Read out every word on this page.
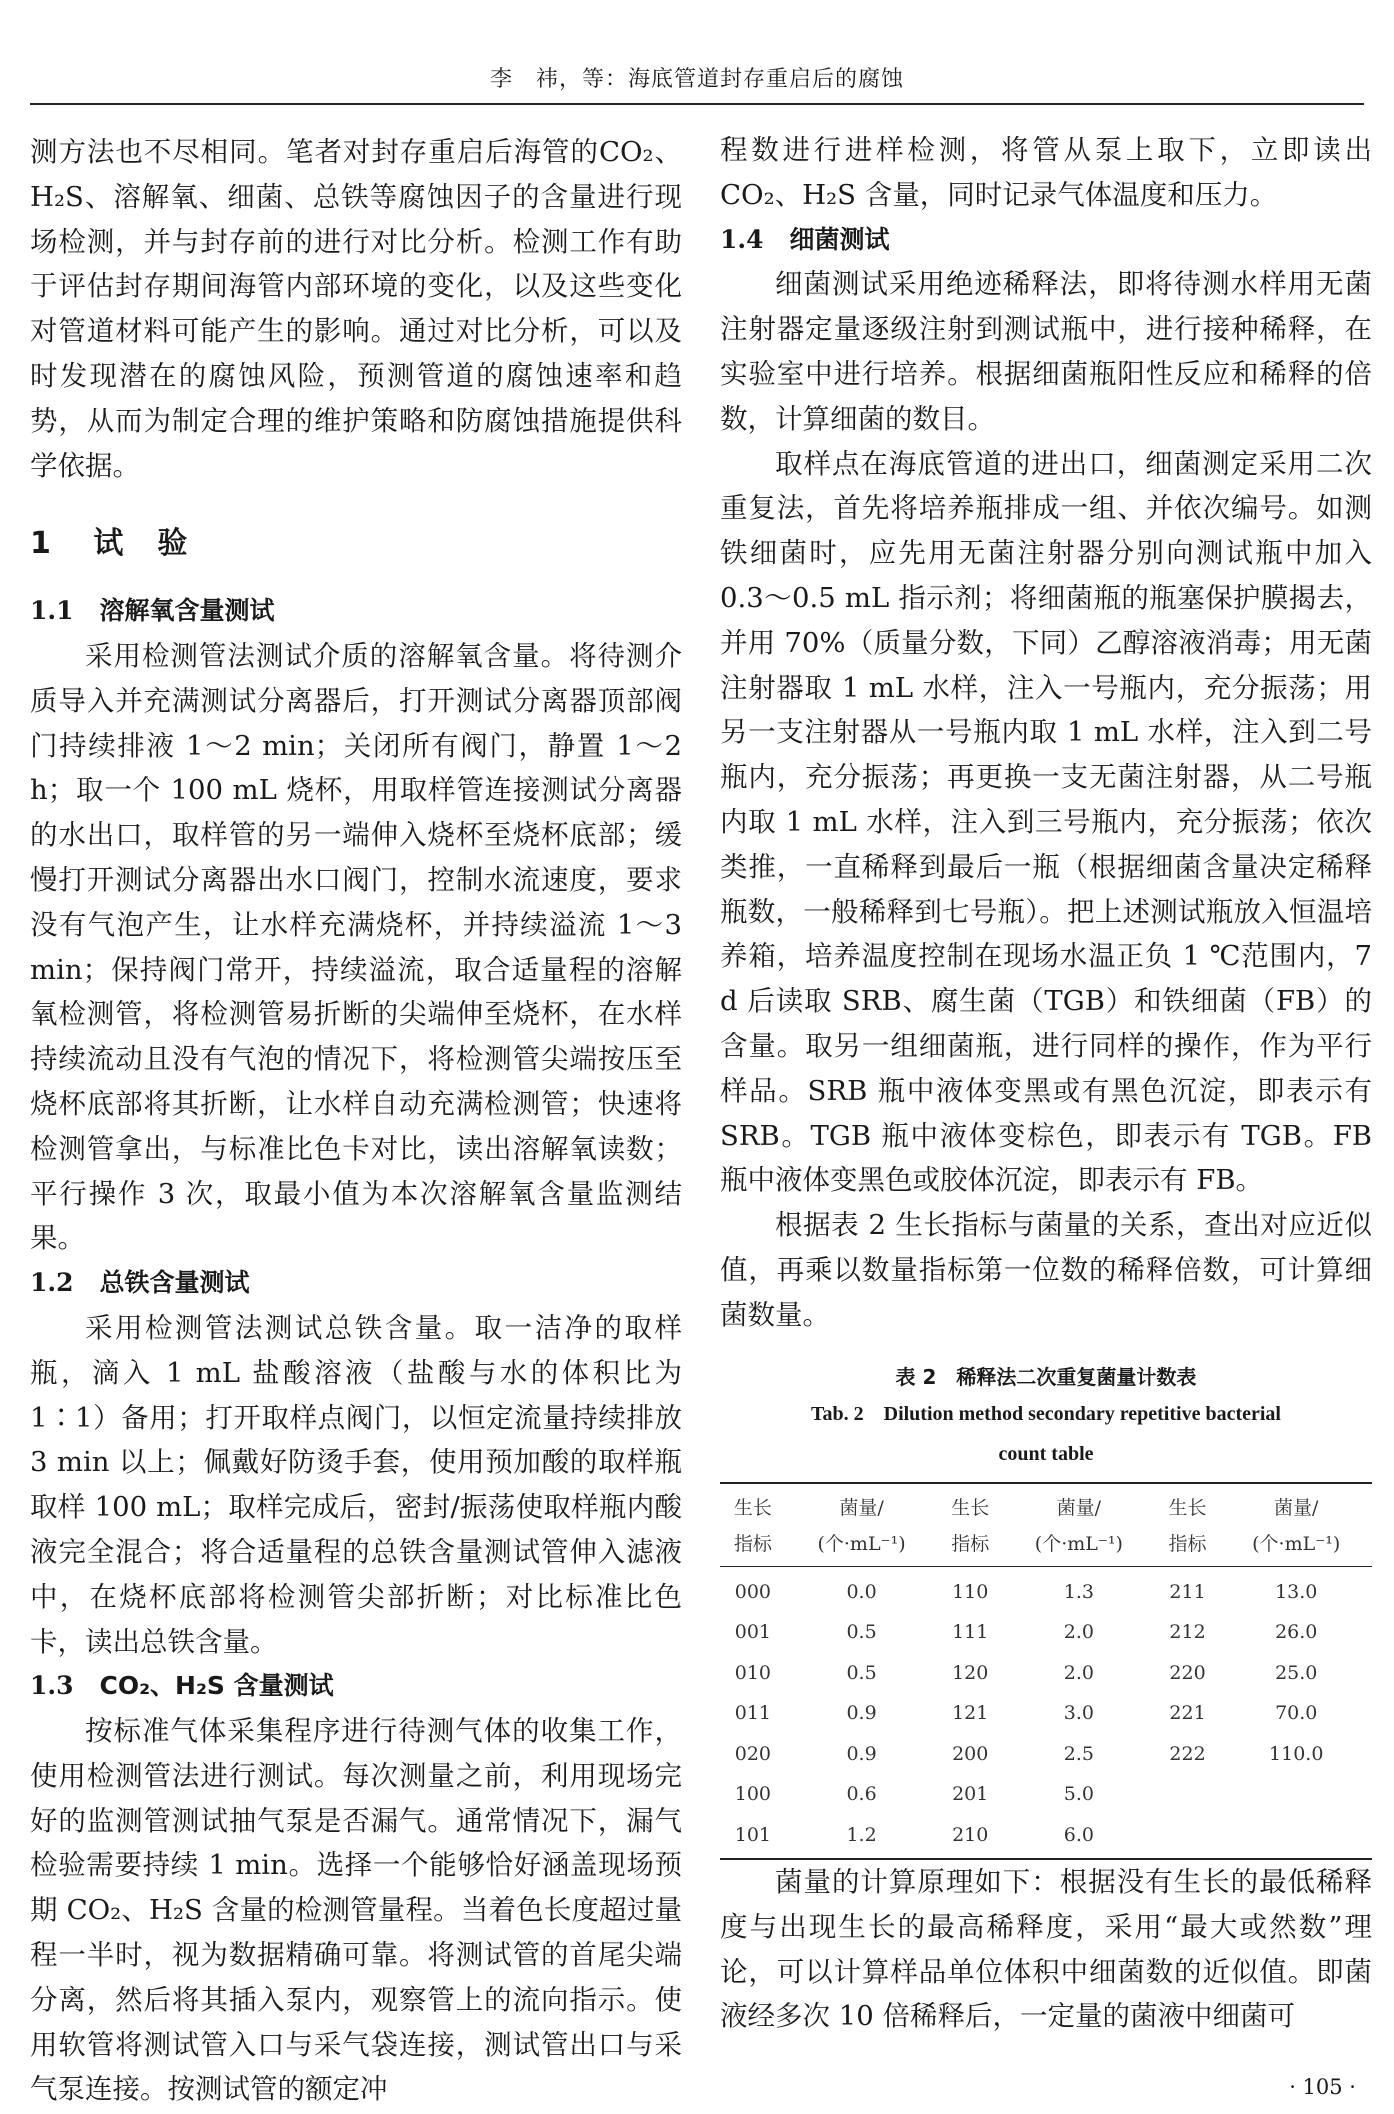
李　祎，等：海底管道封存重启后的腐蚀

测方法也不尽相同。笔者对封存重启后海管的CO₂、H₂S、溶解氧、细菌、总铁等腐蚀因子的含量进行现场检测，并与封存前的进行对比分析。检测工作有助于评估封存期间海管内部环境的变化，以及这些变化对管道材料可能产生的影响。通过对比分析，可以及时发现潜在的腐蚀风险，预测管道的腐蚀速率和趋势，从而为制定合理的维护策略和防腐蚀措施提供科学依据。

1 试　验
1.1 溶解氧含量测试

采用检测管法测试介质的溶解氧含量。将待测介质导入并充满测试分离器后，打开测试分离器顶部阀门持续排液 1～2 min；关闭所有阀门，静置 1～2 h；取一个 100 mL 烧杯，用取样管连接测试分离器的水出口，取样管的另一端伸入烧杯至烧杯底部；缓慢打开测试分离器出水口阀门，控制水流速度，要求没有气泡产生，让水样充满烧杯，并持续溢流 1～3 min；保持阀门常开，持续溢流，取合适量程的溶解氧检测管，将检测管易折断的尖端伸至烧杯，在水样持续流动且没有气泡的情况下，将检测管尖端按压至烧杯底部将其折断，让水样自动充满检测管；快速将检测管拿出，与标准比色卡对比，读出溶解氧读数；平行操作 3 次，取最小值为本次溶解氧含量监测结果。

1.2 总铁含量测试

采用检测管法测试总铁含量。取一洁净的取样瓶，滴入 1 mL 盐酸溶液（盐酸与水的体积比为 1∶1）备用；打开取样点阀门，以恒定流量持续排放 3 min 以上；佩戴好防烫手套，使用预加酸的取样瓶取样 100 mL；取样完成后，密封/振荡使取样瓶内酸液完全混合；将合适量程的总铁含量测试管伸入滤液中，在烧杯底部将检测管尖部折断；对比标准比色卡，读出总铁含量。

1.3 CO₂、H₂S 含量测试

按标准气体采集程序进行待测气体的收集工作，使用检测管法进行测试。每次测量之前，利用现场完好的监测管测试抽气泵是否漏气。通常情况下，漏气检验需要持续 1 min。选择一个能够恰好涵盖现场预期 CO₂、H₂S 含量的检测管量程。当着色长度超过量程一半时，视为数据精确可靠。将测试管的首尾尖端分离，然后将其插入泵内，观察管上的流向指示。使用软管将测试管入口与采气袋连接，测试管出口与采气泵连接。按测试管的额定冲

程数进行进样检测，将管从泵上取下，立即读出 CO₂、H₂S 含量，同时记录气体温度和压力。

1.4 细菌测试

细菌测试采用绝迹稀释法，即将待测水样用无菌注射器定量逐级注射到测试瓶中，进行接种稀释，在实验室中进行培养。根据细菌瓶阳性反应和稀释的倍数，计算细菌的数目。

取样点在海底管道的进出口，细菌测定采用二次重复法，首先将培养瓶排成一组、并依次编号。如测铁细菌时，应先用无菌注射器分别向测试瓶中加入 0.3～0.5 mL 指示剂；将细菌瓶的瓶塞保护膜揭去，并用 70%（质量分数，下同）乙醇溶液消毒；用无菌注射器取 1 mL 水样，注入一号瓶内，充分振荡；用另一支注射器从一号瓶内取 1 mL 水样，注入到二号瓶内，充分振荡；再更换一支无菌注射器，从二号瓶内取 1 mL 水样，注入到三号瓶内，充分振荡；依次类推，一直稀释到最后一瓶（根据细菌含量决定稀释瓶数，一般稀释到七号瓶）。把上述测试瓶放入恒温培养箱，培养温度控制在现场水温正负 1 ℃范围内，7 d 后读取 SRB、腐生菌（TGB）和铁细菌（FB）的含量。取另一组细菌瓶，进行同样的操作，作为平行样品。SRB 瓶中液体变黑或有黑色沉淀，即表示有 SRB。TGB 瓶中液体变棕色，即表示有 TGB。FB 瓶中液体变黑色或胶体沉淀，即表示有 FB。

根据表 2 生长指标与菌量的关系，查出对应近似值，再乘以数量指标第一位数的稀释倍数，可计算细菌数量。

表 2　稀释法二次重复菌量计数表
Tab. 2　Dilution method secondary repetitive bacterial
count table
生长	菌量/	生长	菌量/	生长	菌量/
指标	(个·mL⁻¹)	指标	(个·mL⁻¹)	指标	(个·mL⁻¹)
000	0.0	110	1.3	211	13.0
001	0.5	111	2.0	212	26.0
010	0.5	120	2.0	220	25.0
011	0.9	121	3.0	221	70.0
020	0.9	200	2.5	222	110.0
100	0.6	201	5.0		
101	1.2	210	6.0		

菌量的计算原理如下：根据没有生长的最低稀释度与出现生长的最高稀释度，采用“最大或然数”理论，可以计算样品单位体积中细菌数的近似值。即菌液经多次 10 倍稀释后，一定量的菌液中细菌可

· 105 ·
